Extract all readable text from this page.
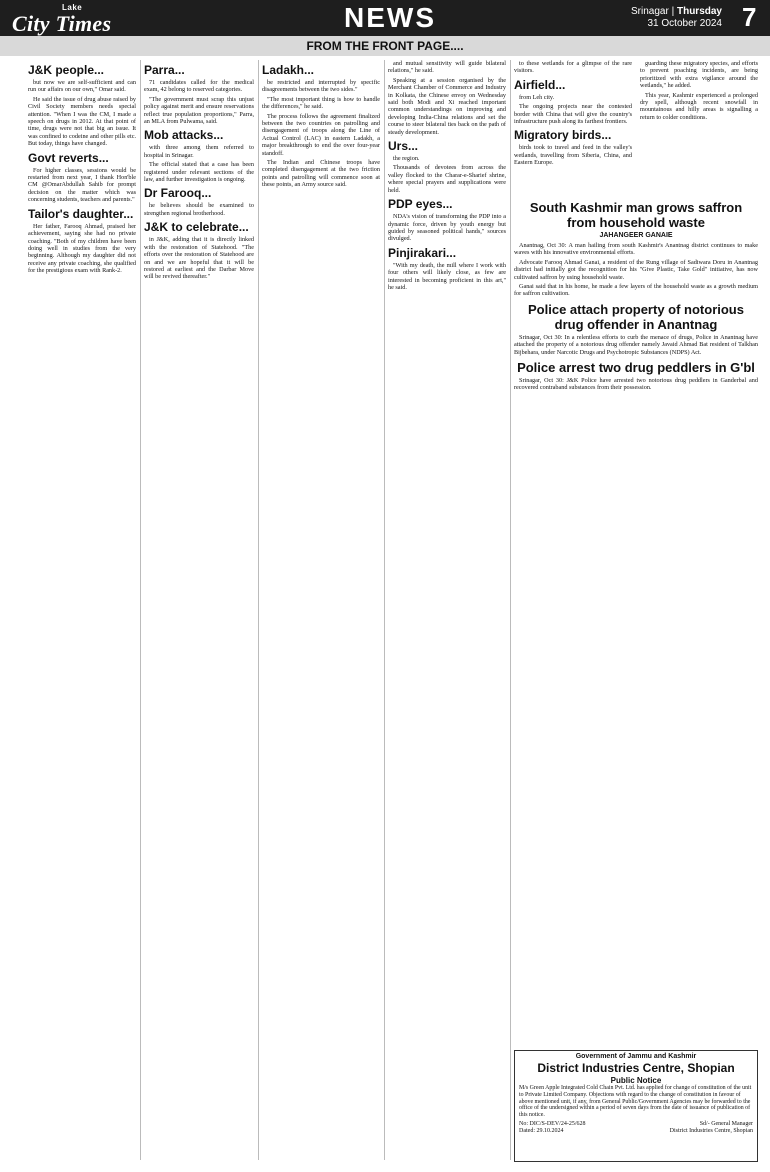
Lake
City Times	NEWS	Srinagar | Thursday
31 October 2024 7
FROM THE FRONT PAGE....
J&K people...

but now we are self-sufficient and can run our affairs on our own," Omar said.

He said the issue of drug abuse raised by Civil Society members needs special attention. "When I was the CM, I made a speech on drugs in 2012. At that point of time, drugs were not that big an issue. It was confined to codeine and other pills etc. But today, things have changed.

Govt reverts...

For higher classes, sessions would be restarted from next year, I thank Hon'ble CM @OmarAbdullah Sahib for prompt decision on the matter which was concerning students, teachers and parents."

Tailor's daughter...

Her father, Farooq Ahmad, praised her achievement, saying she had no private coaching. "Both of my children have been doing well in studies from the very beginning. Although my daughter did not receive any private coaching, she qualified for the prestigious exam with Rank-2.

Parra...

71 candidates called for the medical exam, 42 belong to reserved categories.

"The government must scrap this unjust policy against merit and ensure reservations reflect true population proportions," Parra, an MLA from Pulwama, said.

Mob attacks...

with three among them referred to hospital in Srinagar.

The official stated that a case has been registered under relevant sections of the law, and further investigation is ongoing.

Dr Farooq...

he believes should be examined to strengthen regional brotherhood.

J&K to celebrate...

in J&K, adding that it is directly linked with the restoration of Statehood. "The efforts over the restoration of Statehood are on and we are hopeful that it will be restored at earliest and the Darbar Move will be revived thereafter."

Ladakh...

be restricted and interrupted by specific disagreements between the two sides."

"The most important thing is how to handle the differences," he said.

The process follows the agreement finalized between the two countries on patrolling and disengagement of troops along the Line of Actual Control (LAC) in eastern Ladakh, a major breakthrough to end the over four-year standoff.

The Indian and Chinese troops have completed disengagement at the two friction points and patrolling will commence soon at these points, an Army source said.

and mutual sensitivity will guide bilateral relations," he said.

Speaking at a session organised by the Merchant Chamber of Commerce and Industry in Kolkata, the Chinese envoy on Wednesday said both Modi and Xi reached important common understandings on improving and developing India-China relations and set the course to steer bilateral ties back on the path of steady development.

Urs...

the region.

Thousands of devotees from across the valley flocked to the Charar-e-Sharief shrine, where special prayers and supplications were held.

PDP eyes...

NDA's vision of transforming the PDP into a dynamic force, driven by youth energy but guided by seasoned political hands," sources divulged.

Pinjirakari...

"With my death, the mill where I work with four others will likely close, as few are interested in becoming proficient in this art," he said.

to these wetlands for a glimpse of the rare visitors.

Airfield...

from Leh city.

The ongoing projects near the contested border with China that will give the country's infrastructure push along its farthest frontiers.

Migratory birds...

birds took to travel and feed in the valley's wetlands, travelling from Siberia, China, and Eastern Europe.

guarding these migratory species, and efforts to prevent poaching incidents, are being prioritized with extra vigilance around the wetlands," he added.

This year, Kashmir experienced a prolonged dry spell, although recent snowfall in mountainous and hilly areas is signalling a return to colder conditions.

South Kashmir man grows saffron from household waste
JAHANGEER GANAIE

Anantnag, Oct 30: A man hailing from south Kashmir's Anantnag district continues to make waves with his innovative environmental efforts.

Advocate Farooq Ahmad Ganai, a resident of the Rung village of Sadiwara Doru in Anantnag district had initially got the recognition for his "Give Plastic, Take Gold" initiative, has now cultivated saffron by using household waste.

Ganai said that in his home, he made a few layers of the household waste as a growth medium for saffron cultivation.

Police attach property of notorious drug offender in Anantnag

Srinagar, Oct 30: In a relentless efforts to curb the menace of drugs, Police in Anantnag have attached the property of a notorious drug offender namely Javaid Ahmad Bat resident of Talkhan Bijbehara, under Narcotic Drugs and Psychotropic Substances (NDPS) Act.

Police arrest two drug peddlers in G'bl

Srinagar, Oct 30: J&K Police have arrested two notorious drug peddlers in Ganderbal and recovered contraband substances from their possession.

Government of Jammu and Kashmir
District Industries Centre, Shopian
Public Notice
M/s Green Apple Integrated Cold Chain Pvt. Ltd. has applied for change of constitution of the unit to Private Limited Company. Objections with regard to the change of constitution in favour of above mentioned unit, if any, from General Public/Government Agencies may be forwarded to the office of the undersigned within a period of seven days from the date of issuance of publication of this notice.
No: DIC/S-DEV/24-25/628
Dated: 29.10.2024
Sd/- General Manager
District Industries Centre, Shopian
